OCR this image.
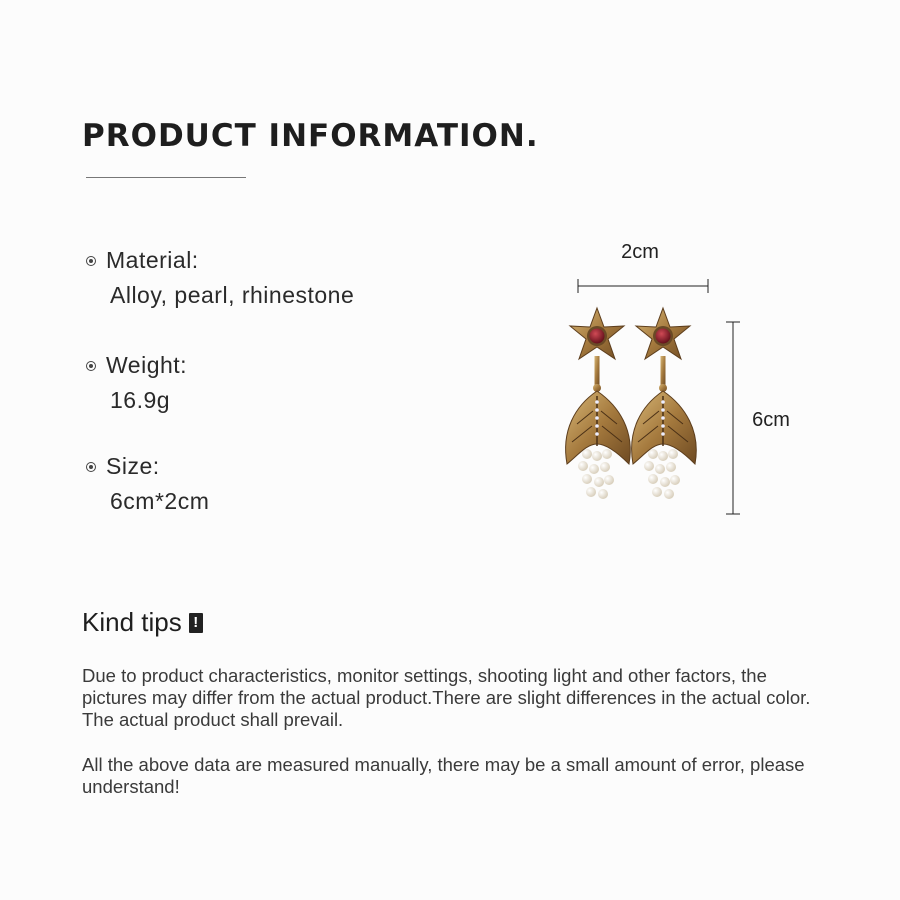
PRODUCT INFORMATION.
Material:
Alloy, pearl, rhinestone
Weight:
16.9g
Size:
6cm*2cm
2cm
6cm
Kind tips !

Due to product characteristics, monitor settings, shooting light and other factors, the pictures may differ from the actual product.There are slight differences in the actual color. The actual product shall prevail.

All the above data are measured manually, there may be a small amount of error, please understand!
